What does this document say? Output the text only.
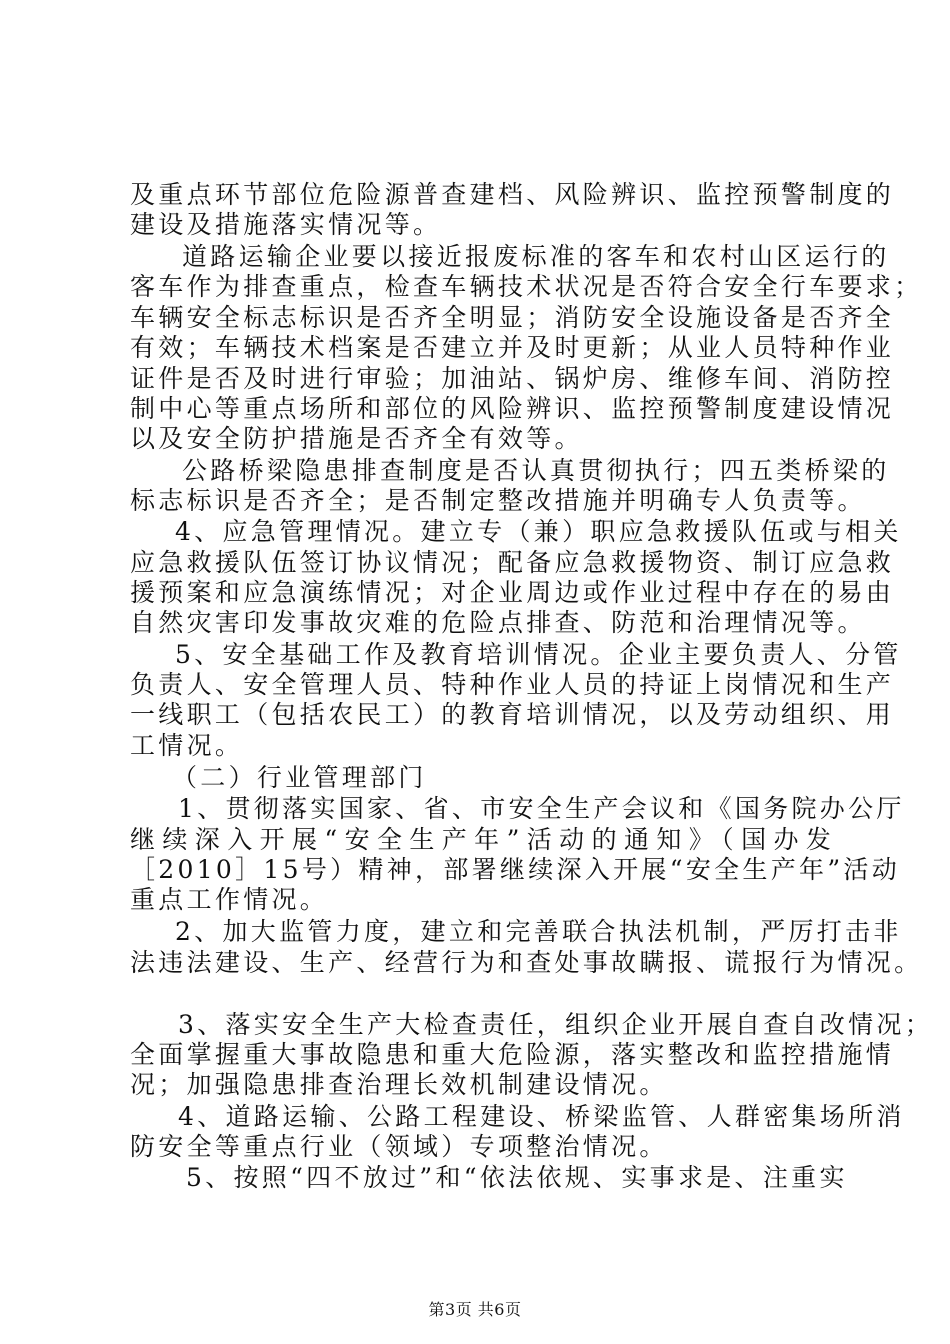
及重点环节部位危险源普查建档、风险辨识、监控预警制度的
建设及措施落实情况等。
道路运输企业要以接近报废标准的客车和农村山区运行的
客车作为排查重点，检查车辆技术状况是否符合安全行车要求；
车辆安全标志标识是否齐全明显；消防安全设施设备是否齐全
有效；车辆技术档案是否建立并及时更新；从业人员特种作业
证件是否及时进行审验；加油站、锅炉房、维修车间、消防控
制中心等重点场所和部位的风险辨识、监控预警制度建设情况
以及安全防护措施是否齐全有效等。
公路桥梁隐患排查制度是否认真贯彻执行；四五类桥梁的
标志标识是否齐全；是否制定整改措施并明确专人负责等。
4、应急管理情况。建立专（兼）职应急救援队伍或与相关
应急救援队伍签订协议情况；配备应急救援物资、制订应急救
援预案和应急演练情况；对企业周边或作业过程中存在的易由
自然灾害印发事故灾难的危险点排查、防范和治理情况等。
5、安全基础工作及教育培训情况。企业主要负责人、分管
负责人、安全管理人员、特种作业人员的持证上岗情况和生产
一线职工（包括农民工）的教育培训情况，以及劳动组织、用
工情况。
（二）行业管理部门
1、贯彻落实国家、省、市安全生产会议和《国务院办公厅
继续深入开展“安全生产年”活动的通知》（国办发
［2010］15号）精神，部署继续深入开展“安全生产年”活动
重点工作情况。
2、加大监管力度，建立和完善联合执法机制，严厉打击非
法违法建设、生产、经营行为和查处事故瞒报、谎报行为情况。
3、落实安全生产大检查责任，组织企业开展自查自改情况；
全面掌握重大事故隐患和重大危险源，落实整改和监控措施情
况；加强隐患排查治理长效机制建设情况。
4、道路运输、公路工程建设、桥梁监管、人群密集场所消
防安全等重点行业（领域）专项整治情况。
5、按照“四不放过”和“依法依规、实事求是、注重实
第3页 共6页
